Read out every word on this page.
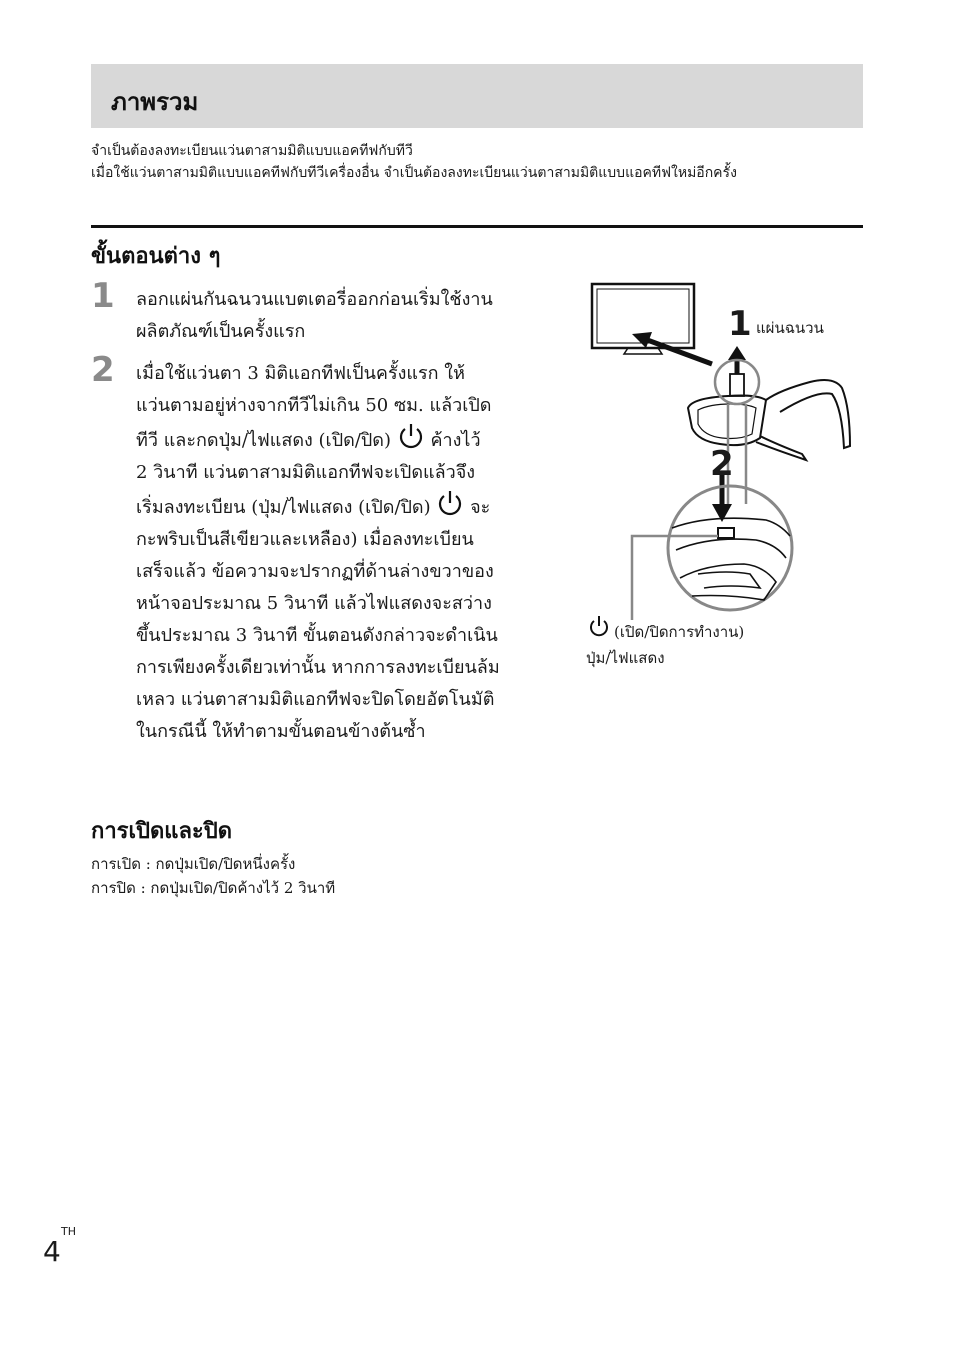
ภาพรวม
จำเป็นต้องลงทะเบียนแว่นตาสามมิติแบบแอคทีฟกับทีวี
เมื่อใช้แว่นตาสามมิติแบบแอคทีฟกับทีวีเครื่องอื่น จำเป็นต้องลงทะเบียนแว่นตาสามมิติแบบแอคทีฟใหม่อีกครั้ง
ขั้นตอนต่าง ๆ
1 ลอกแผ่นกันฉนวนแบตเตอรี่ออกก่อนเริ่มใช้งาน
ผลิตภัณฑ์เป็นครั้งแรก
2 เมื่อใช้แว่นตา 3 มิติแอกทีฟเป็นครั้งแรก ให้
แว่นตามอยู่ห่างจากทีวีไม่เกิน 50 ซม. แล้วเปิด
ทีวี และกดปุ่ม/ไฟแสดง (เปิด/ปิด) ค้างไว้
2 วินาที แว่นตาสามมิติแอกทีฟจะเปิดแล้วจึง
เริ่มลงทะเบียน (ปุ่ม/ไฟแสดง (เปิด/ปิด) จะ
กะพริบเป็นสีเขียวและเหลือง) เมื่อลงทะเบียน
เสร็จแล้ว ข้อความจะปรากฏที่ด้านล่างขวาของ
หน้าจอประมาณ 5 วินาที แล้วไฟแสดงจะสว่าง
ขึ้นประมาณ 3 วินาที ขั้นตอนดังกล่าวจะดำเนิน
การเพียงครั้งเดียวเท่านั้น หากการลงทะเบียนล้ม
เหลว แว่นตาสามมิติแอกทีฟจะปิดโดยอัตโนมัติ
ในกรณีนี้ ให้ทำตามขั้นตอนข้างต้นซ้ำ
1 แผ่นฉนวน
2
(เปิด/ปิดการทำงาน)
ปุ่ม/ไฟแสดง
การเปิดและปิด
การเปิด : กดปุ่มเปิด/ปิดหนึ่งครั้ง
การปิด : กดปุ่มเปิด/ปิดค้างไว้ 2 วินาที
TH
4
